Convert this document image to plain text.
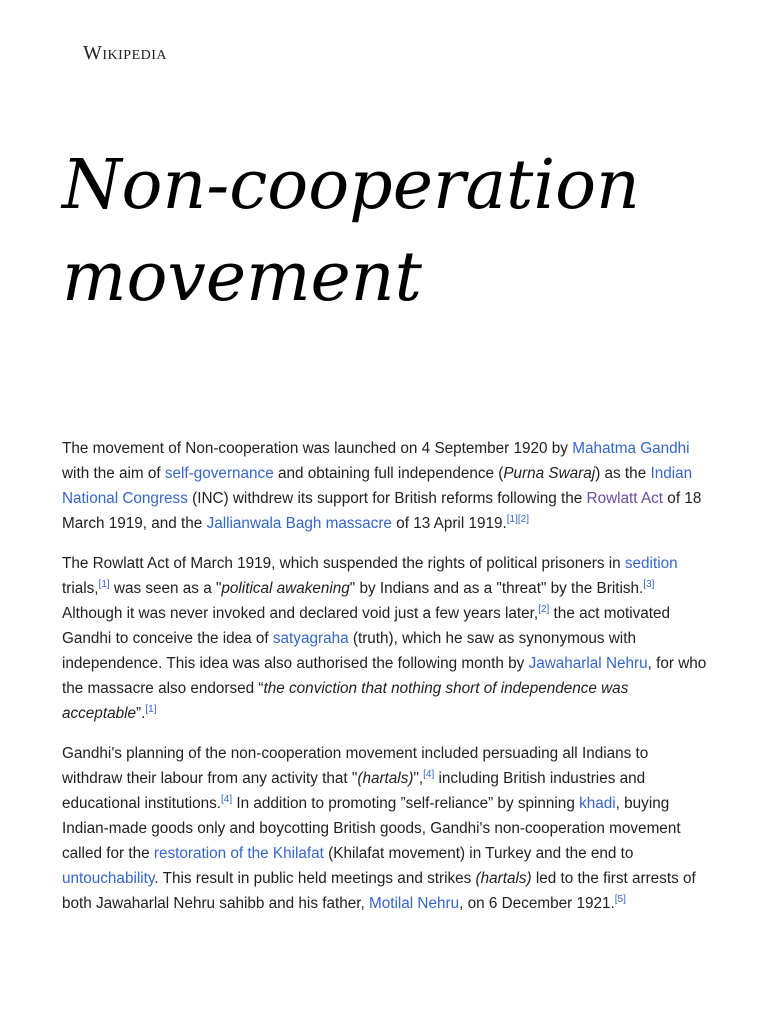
Wikipedia
Non-cooperation movement

The movement of Non-cooperation was launched on 4 September 1920 by Mahatma Gandhi with the aim of self-governance and obtaining full independence (Purna Swaraj) as the Indian National Congress (INC) withdrew its support for British reforms following the Rowlatt Act of 18 March 1919, and the Jallianwala Bagh massacre of 13 April 1919.[1][2]

The Rowlatt Act of March 1919, which suspended the rights of political prisoners in sedition trials,[1] was seen as a "political awakening" by Indians and as a "threat" by the British.[3] Although it was never invoked and declared void just a few years later,[2] the act motivated Gandhi to conceive the idea of satyagraha (truth), which he saw as synonymous with independence. This idea was also authorised the following month by Jawaharlal Nehru, for who the massacre also endorsed “the conviction that nothing short of independence was acceptable”.[1]

Gandhi's planning of the non-cooperation movement included persuading all Indians to withdraw their labour from any activity that "(hartals)",[4] including British industries and educational institutions.[4] In addition to promoting ”self-reliance” by spinning khadi, buying Indian-made goods only and boycotting British goods, Gandhi's non-cooperation movement called for the restoration of the Khilafat (Khilafat movement) in Turkey and the end to untouchability. This result in public held meetings and strikes (hartals) led to the first arrests of both Jawaharlal Nehru sahibb and his father, Motilal Nehru, on 6 December 1921.[5]
